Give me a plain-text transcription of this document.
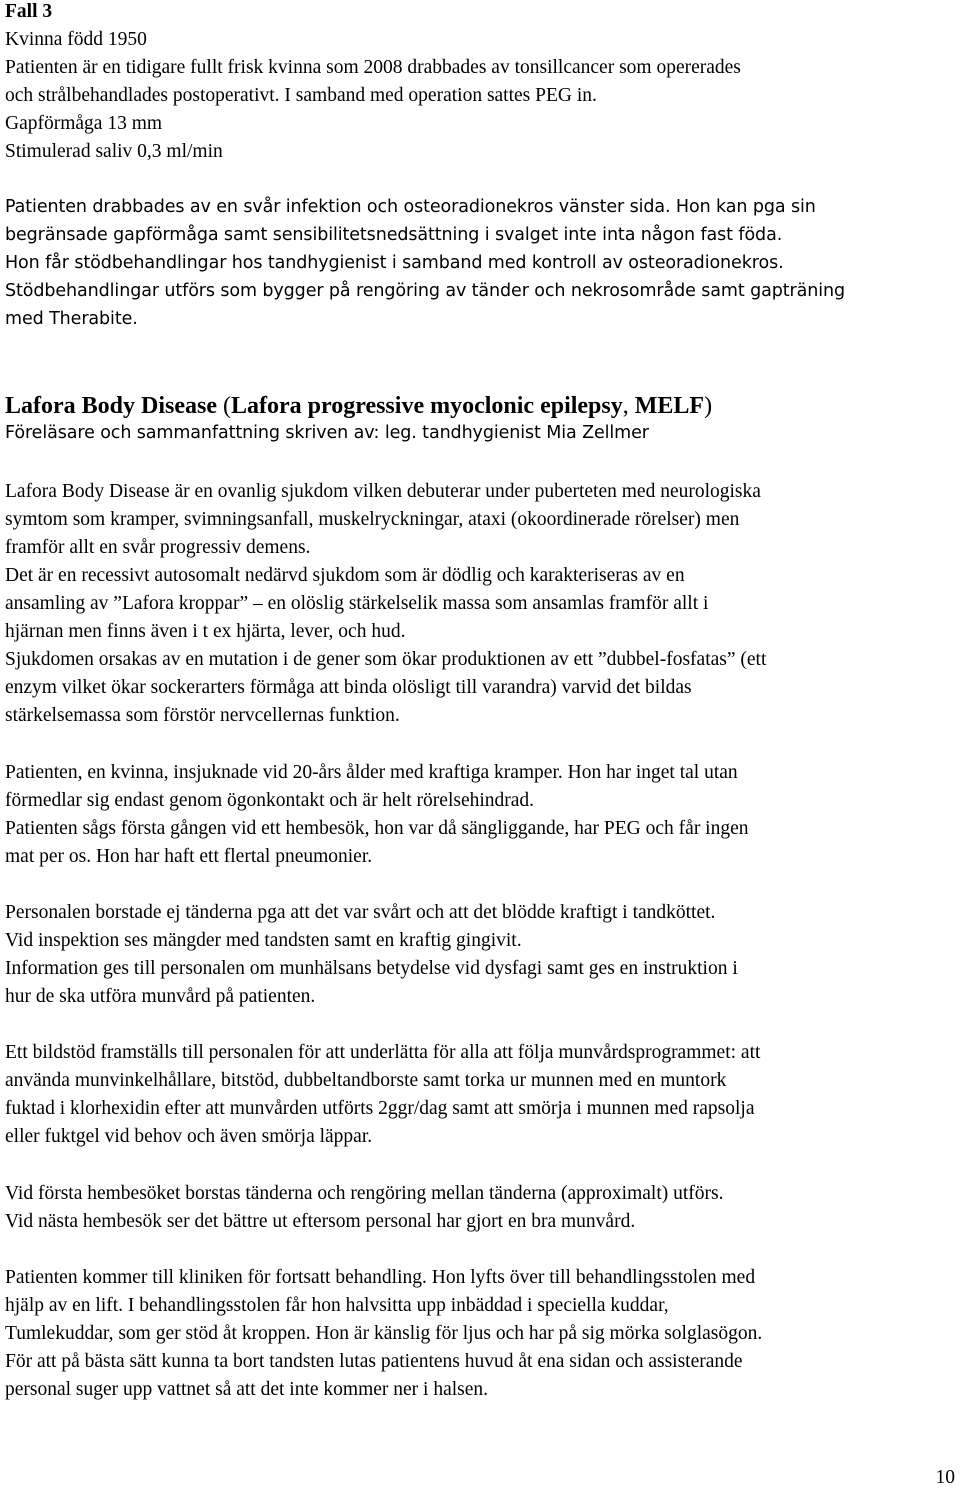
Fall 3
Kvinna född 1950
Patienten är en tidigare fullt frisk kvinna som 2008 drabbades av tonsillcancer som opererades
och strålbehandlades postoperativt. I samband med operation sattes PEG in.
Gapförmåga 13 mm
Stimulerad saliv 0,3 ml/min
Patienten drabbades av en svår infektion och osteoradionekros vänster sida. Hon kan pga sin
begränsade gapförmåga samt sensibilitetsnedsättning i svalget inte inta någon fast föda.
Hon får stödbehandlingar hos tandhygienist i samband med kontroll av osteoradionekros.
Stödbehandlingar utförs som bygger på rengöring av tänder och nekrosområde samt gapträning
med Therabite.
Lafora Body Disease (Lafora progressive myoclonic epilepsy, MELF)
Föreläsare och sammanfattning skriven av: leg. tandhygienist Mia Zellmer
Lafora Body Disease är en ovanlig sjukdom vilken debuterar under puberteten med neurologiska
symtom som kramper, svimningsanfall, muskelryckningar, ataxi (okoordinerade rörelser) men
framför allt en svår progressiv demens.
Det är en recessivt autosomalt nedärvd sjukdom som är dödlig och karakteriseras av en
ansamling av ”Lafora kroppar” – en olöslig stärkelselik massa som ansamlas framför allt i
hjärnan men finns även i t ex hjärta, lever, och hud.
Sjukdomen orsakas av en mutation i de gener som ökar produktionen av ett ”dubbel-fosfatas” (ett
enzym vilket ökar sockerarters förmåga att binda olösligt till varandra) varvid det bildas
stärkelsemassa som förstör nervcellernas funktion.
Patienten, en kvinna, insjuknade vid 20-års ålder med kraftiga kramper. Hon har inget tal utan
förmedlar sig endast genom ögonkontakt och är helt rörelsehindrad.
Patienten sågs första gången vid ett hembesök, hon var då sängliggande, har PEG och får ingen
mat per os. Hon har haft ett flertal pneumonier.
Personalen borstade ej tänderna pga att det var svårt och att det blödde kraftigt i tandköttet.
Vid inspektion ses mängder med tandsten samt en kraftig gingivit.
Information ges till personalen om munhälsans betydelse vid dysfagi samt ges en instruktion i
hur de ska utföra munvård på patienten.
Ett bildstöd framställs till personalen för att underlätta för alla att följa munvårdsprogrammet: att
använda munvinkelhållare, bitstöd, dubbeltandborste samt torka ur munnen med en muntork
fuktad i klorhexidin efter att munvården utförts 2ggr/dag samt att smörja i munnen med rapsolja
eller fuktgel vid behov och även smörja läppar.
Vid första hembesöket borstas tänderna och rengöring mellan tänderna (approximalt) utförs.
Vid nästa hembesök ser det bättre ut eftersom personal har gjort en bra munvård.
Patienten kommer till kliniken för fortsatt behandling. Hon lyfts över till behandlingsstolen med
hjälp av en lift. I behandlingsstolen får hon halvsitta upp inbäddad i speciella kuddar,
Tumlekuddar, som ger stöd åt kroppen. Hon är känslig för ljus och har på sig mörka solglasögon.
För att på bästa sätt kunna ta bort tandsten lutas patientens huvud åt ena sidan och assisterande
personal suger upp vattnet så att det inte kommer ner i halsen.
10
